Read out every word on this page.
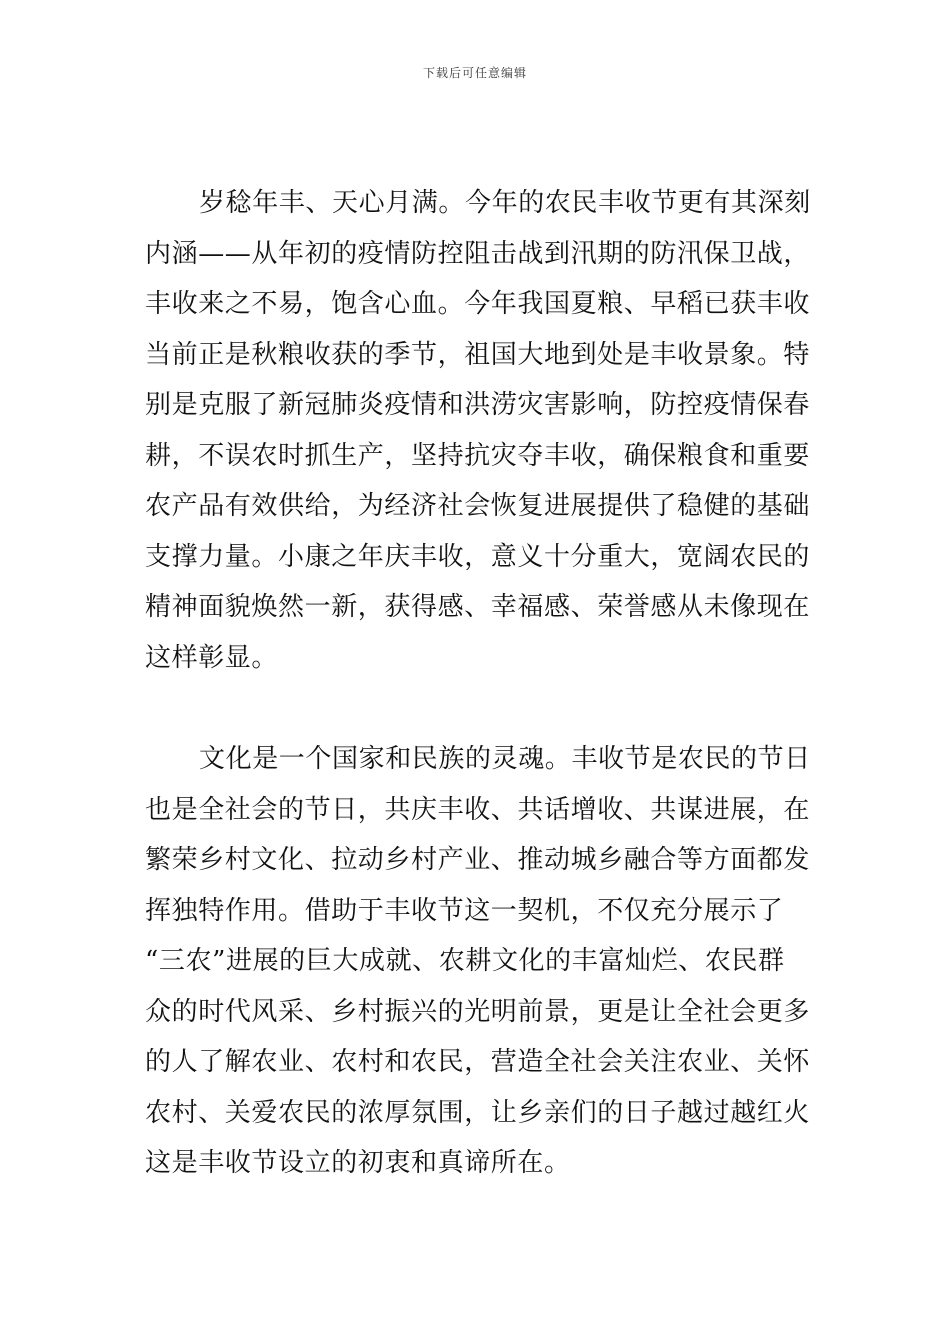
下载后可任意编辑
岁稔年丰、天心月满。今年的农民丰收节更有其深刻
内涵——从年初的疫情防控阻击战到汛期的防汛保卫战，
丰收来之不易，饱含心血。今年我国夏粮、早稻已获丰收
当前正是秋粮收获的季节，祖国大地到处是丰收景象。特
别是克服了新冠肺炎疫情和洪涝灾害影响，防控疫情保春
耕，不误农时抓生产，坚持抗灾夺丰收，确保粮食和重要
农产品有效供给，为经济社会恢复进展提供了稳健的基础
支撑力量。小康之年庆丰收，意义十分重大，宽阔农民的
精神面貌焕然一新，获得感、幸福感、荣誉感从未像现在
这样彰显。
文化是一个国家和民族的灵魂。丰收节是农民的节日
也是全社会的节日，共庆丰收、共话增收、共谋进展，在
繁荣乡村文化、拉动乡村产业、推动城乡融合等方面都发
挥独特作用。借助于丰收节这一契机，不仅充分展示了
“三农”进展的巨大成就、农耕文化的丰富灿烂、农民群
众的时代风采、乡村振兴的光明前景，更是让全社会更多
的人了解农业、农村和农民，营造全社会关注农业、关怀
农村、关爱农民的浓厚氛围，让乡亲们的日子越过越红火
这是丰收节设立的初衷和真谛所在。
